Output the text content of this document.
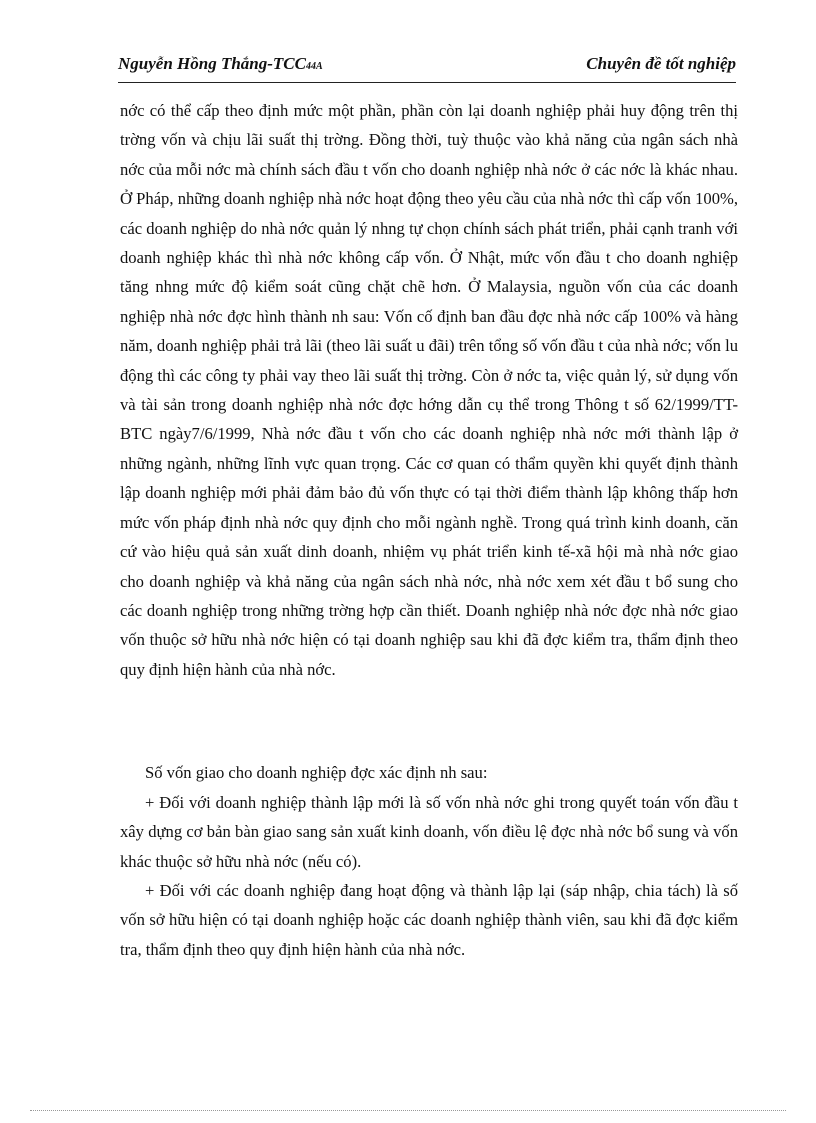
Nguyễn Hồng Thắng-TCC44A	Chuyên đề tốt nghiệp

nớc có thể cấp theo định mức một phần, phần còn lại doanh nghiệp phải huy động trên thị trờng vốn và chịu lãi suất thị trờng. Đồng thời, tuỳ thuộc vào khả năng của ngân sách nhà nớc của mỗi nớc mà chính sách đầu t vốn cho doanh nghiệp nhà nớc ở các nớc là khác nhau. Ở Pháp, những doanh nghiệp nhà nớc hoạt động theo yêu cầu của nhà nớc thì cấp vốn 100%, các doanh nghiệp do nhà nớc quản lý nhng tự chọn chính sách phát triển, phải cạnh tranh với doanh nghiệp khác thì nhà nớc không cấp vốn. Ở Nhật, mức vốn đầu t cho doanh nghiệp tăng nhng mức độ kiểm soát cũng chặt chẽ hơn. Ở Malaysia, nguồn vốn của các doanh nghiệp nhà nớc đợc hình thành nh sau: Vốn cố định ban đầu đợc nhà nớc cấp 100% và hàng năm, doanh nghiệp phải trả lãi (theo lãi suất u đãi) trên tổng số vốn đầu t của nhà nớc; vốn lu động thì các công ty phải vay theo lãi suất thị trờng. Còn ở nớc ta, việc quản lý, sử dụng vốn và tài sản trong doanh nghiệp nhà nớc đợc hớng dẫn cụ thể trong Thông t số 62/1999/TT-BTC ngày7/6/1999, Nhà nớc đầu t vốn cho các doanh nghiệp nhà nớc mới thành lập ở những ngành, những lĩnh vực quan trọng. Các cơ quan có thẩm quyền khi quyết định thành lập doanh nghiệp mới phải đảm bảo đủ vốn thực có tại thời điểm thành lập không thấp hơn mức vốn pháp định nhà nớc quy định cho mỗi ngành nghề. Trong quá trình kinh doanh, căn cứ vào hiệu quả sản xuất dinh doanh, nhiệm vụ phát triển kinh tế-xã hội mà nhà nớc giao cho doanh nghiệp và khả năng của ngân sách nhà nớc, nhà nớc xem xét đầu t bổ sung cho các doanh nghiệp trong những trờng hợp cần thiết. Doanh nghiệp nhà nớc đợc nhà nớc giao vốn thuộc sở hữu nhà nớc hiện có tại doanh nghiệp sau khi đã đợc kiểm tra, thẩm định theo quy định hiện hành của nhà nớc.

Số vốn giao cho doanh nghiệp đợc xác định nh sau:

+ Đối với doanh nghiệp thành lập mới là số vốn nhà nớc ghi trong quyết toán vốn đầu t xây dựng cơ bản bàn giao sang sản xuất kinh doanh, vốn điều lệ đợc nhà nớc bổ sung và vốn khác thuộc sở hữu nhà nớc (nếu có).

+ Đối với các doanh nghiệp đang hoạt động và thành lập lại (sáp nhập, chia tách) là số vốn sở hữu hiện có tại doanh nghiệp hoặc các doanh nghiệp thành viên, sau khi đã đợc kiểm tra, thẩm định theo quy định hiện hành của nhà nớc.
